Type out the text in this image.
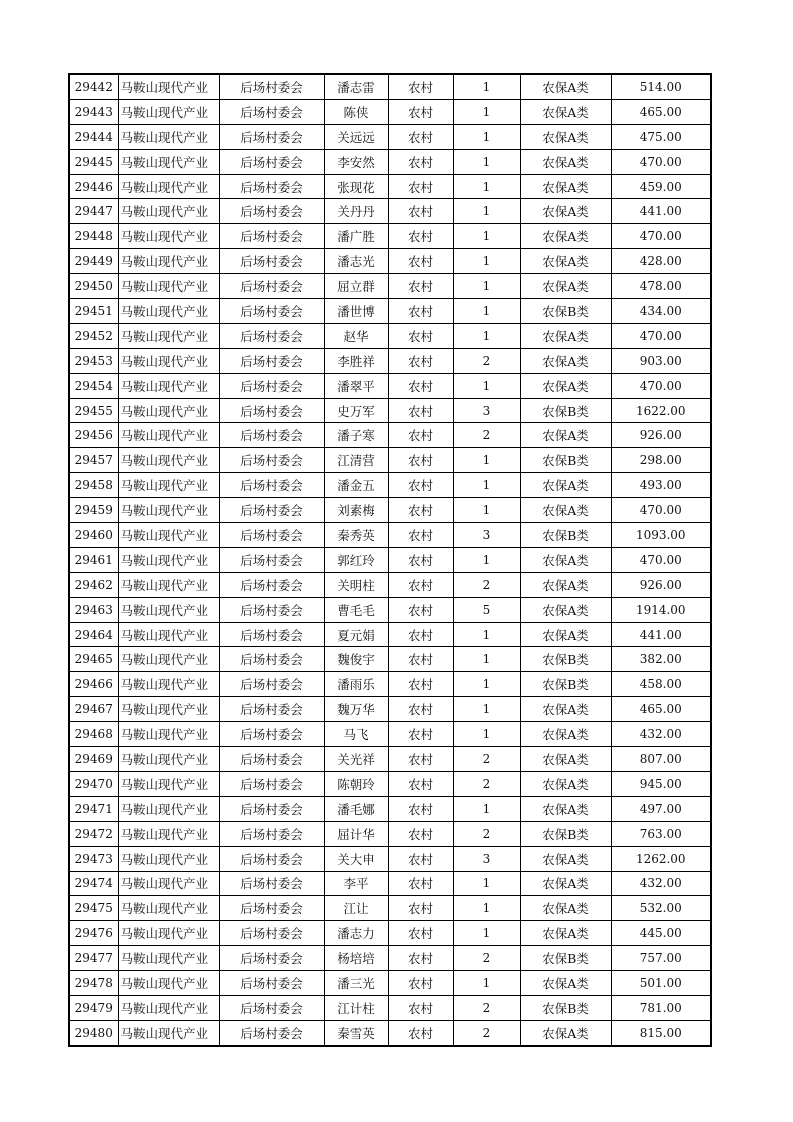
29442	马鞍山现代产业	后场村委会	潘志雷	农村	1	农保A类	514.00
29443	马鞍山现代产业	后场村委会	陈侠	农村	1	农保A类	465.00
29444	马鞍山现代产业	后场村委会	关远远	农村	1	农保A类	475.00
29445	马鞍山现代产业	后场村委会	李安然	农村	1	农保A类	470.00
29446	马鞍山现代产业	后场村委会	张现花	农村	1	农保A类	459.00
29447	马鞍山现代产业	后场村委会	关丹丹	农村	1	农保A类	441.00
29448	马鞍山现代产业	后场村委会	潘广胜	农村	1	农保A类	470.00
29449	马鞍山现代产业	后场村委会	潘志光	农村	1	农保A类	428.00
29450	马鞍山现代产业	后场村委会	屈立群	农村	1	农保A类	478.00
29451	马鞍山现代产业	后场村委会	潘世博	农村	1	农保B类	434.00
29452	马鞍山现代产业	后场村委会	赵华	农村	1	农保A类	470.00
29453	马鞍山现代产业	后场村委会	李胜祥	农村	2	农保A类	903.00
29454	马鞍山现代产业	后场村委会	潘翠平	农村	1	农保A类	470.00
29455	马鞍山现代产业	后场村委会	史万军	农村	3	农保B类	1622.00
29456	马鞍山现代产业	后场村委会	潘子寒	农村	2	农保A类	926.00
29457	马鞍山现代产业	后场村委会	江清营	农村	1	农保B类	298.00
29458	马鞍山现代产业	后场村委会	潘金五	农村	1	农保A类	493.00
29459	马鞍山现代产业	后场村委会	刘素梅	农村	1	农保A类	470.00
29460	马鞍山现代产业	后场村委会	秦秀英	农村	3	农保B类	1093.00
29461	马鞍山现代产业	后场村委会	郭红玲	农村	1	农保A类	470.00
29462	马鞍山现代产业	后场村委会	关明柱	农村	2	农保A类	926.00
29463	马鞍山现代产业	后场村委会	曹毛毛	农村	5	农保A类	1914.00
29464	马鞍山现代产业	后场村委会	夏元娟	农村	1	农保A类	441.00
29465	马鞍山现代产业	后场村委会	魏俊宇	农村	1	农保B类	382.00
29466	马鞍山现代产业	后场村委会	潘雨乐	农村	1	农保B类	458.00
29467	马鞍山现代产业	后场村委会	魏万华	农村	1	农保A类	465.00
29468	马鞍山现代产业	后场村委会	马飞	农村	1	农保A类	432.00
29469	马鞍山现代产业	后场村委会	关光祥	农村	2	农保A类	807.00
29470	马鞍山现代产业	后场村委会	陈朝玲	农村	2	农保A类	945.00
29471	马鞍山现代产业	后场村委会	潘毛娜	农村	1	农保A类	497.00
29472	马鞍山现代产业	后场村委会	屈计华	农村	2	农保B类	763.00
29473	马鞍山现代产业	后场村委会	关大申	农村	3	农保A类	1262.00
29474	马鞍山现代产业	后场村委会	李平	农村	1	农保A类	432.00
29475	马鞍山现代产业	后场村委会	江让	农村	1	农保A类	532.00
29476	马鞍山现代产业	后场村委会	潘志力	农村	1	农保A类	445.00
29477	马鞍山现代产业	后场村委会	杨培培	农村	2	农保B类	757.00
29478	马鞍山现代产业	后场村委会	潘三光	农村	1	农保A类	501.00
29479	马鞍山现代产业	后场村委会	江计柱	农村	2	农保B类	781.00
29480	马鞍山现代产业	后场村委会	秦雪英	农村	2	农保A类	815.00
